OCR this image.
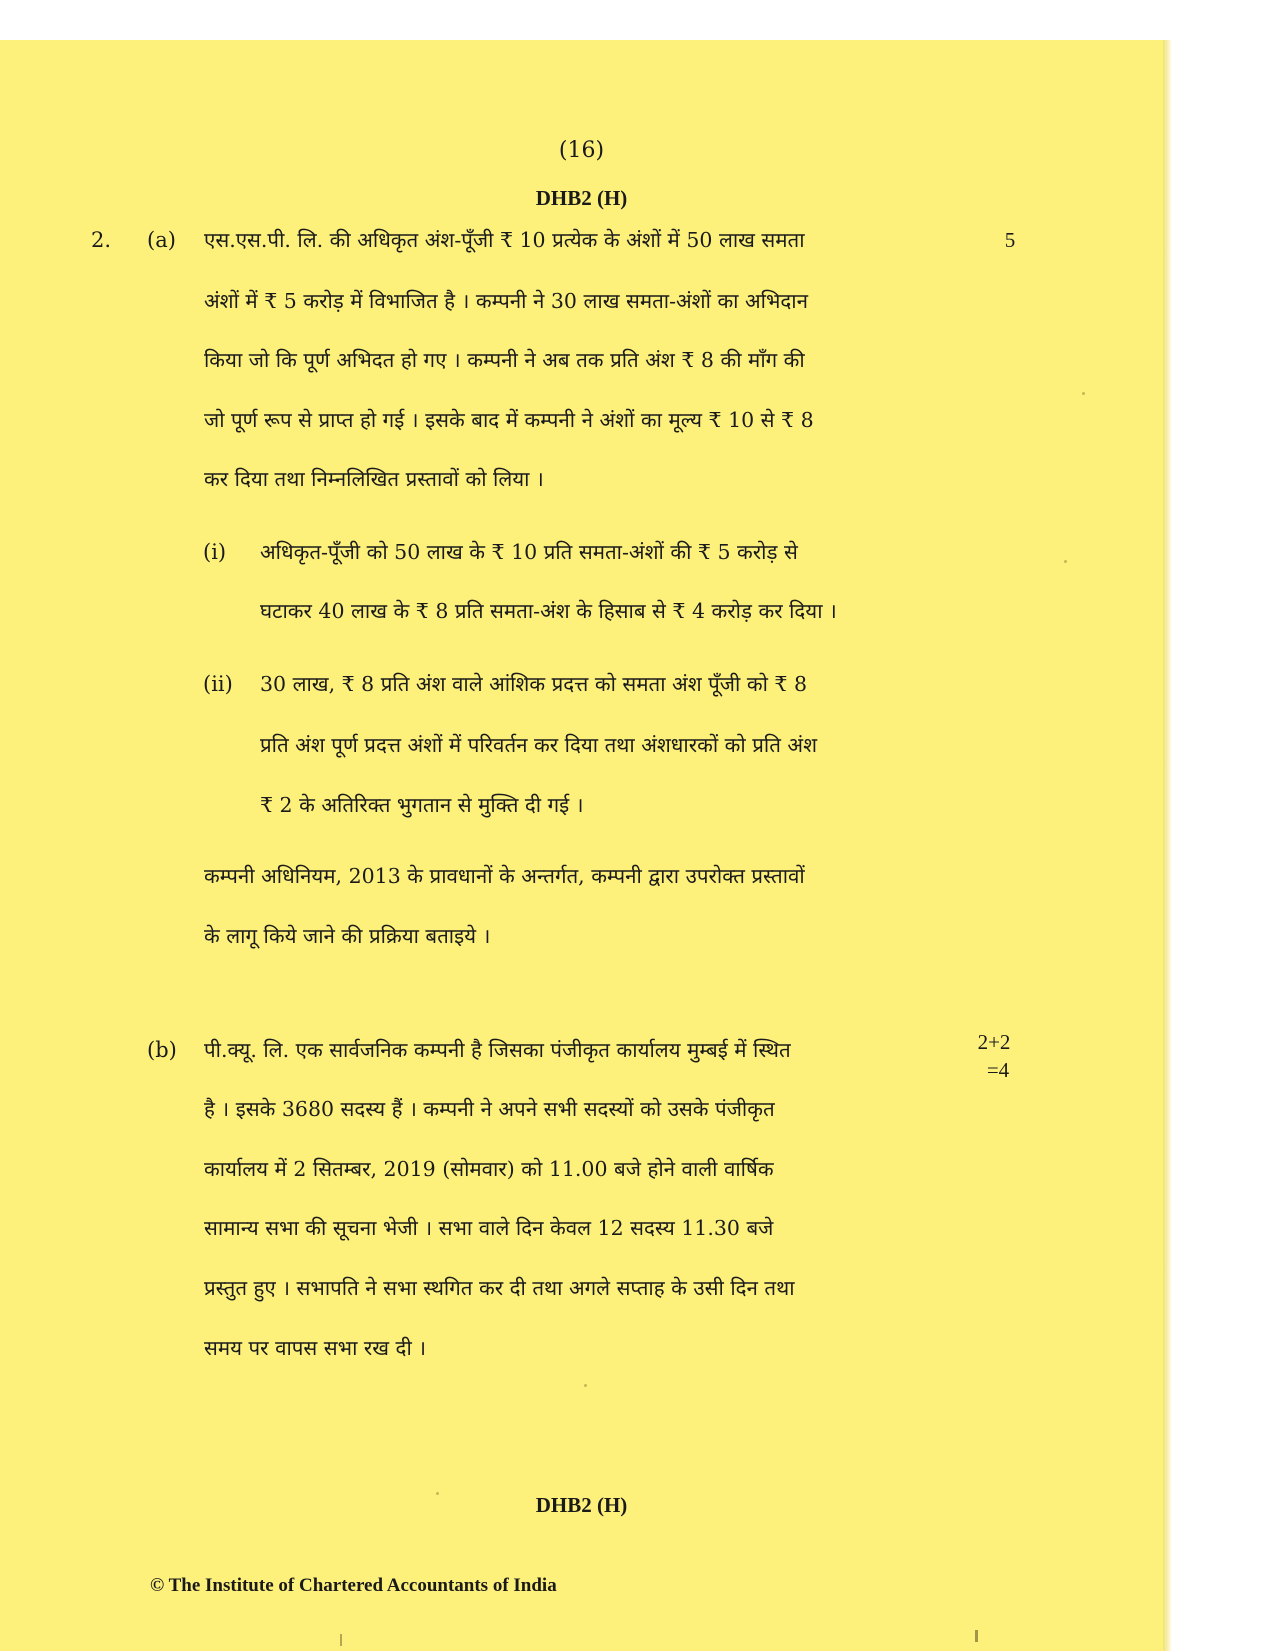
(16)
DHB2 (H)
2. (a)	5
एस.एस.पी. लि. की अधिकृत अंश-पूँजी ₹ 10 प्रत्येक के अंशों में 50 लाख समता
अंशों में ₹ 5 करोड़ में विभाजित है । कम्पनी ने 30 लाख समता-अंशों का अभिदान
किया जो कि पूर्ण अभिदत हो गए । कम्पनी ने अब तक प्रति अंश ₹ 8 की माँग की
जो पूर्ण रूप से प्राप्त हो गई । इसके बाद में कम्पनी ने अंशों का मूल्य ₹ 10 से ₹ 8
कर दिया तथा निम्नलिखित प्रस्तावों को लिया ।
(i) अधिकृत-पूँजी को 50 लाख के ₹ 10 प्रति समता-अंशों की ₹ 5 करोड़ से
घटाकर 40 लाख के ₹ 8 प्रति समता-अंश के हिसाब से ₹ 4 करोड़ कर दिया ।
(ii) 30 लाख, ₹ 8 प्रति अंश वाले आंशिक प्रदत्त को समता अंश पूँजी को ₹ 8
प्रति अंश पूर्ण प्रदत्त अंशों में परिवर्तन कर दिया तथा अंशधारकों को प्रति अंश
₹ 2 के अतिरिक्त भुगतान से मुक्ति दी गई ।
कम्पनी अधिनियम, 2013 के प्रावधानों के अन्तर्गत, कम्पनी द्वारा उपरोक्त प्रस्तावों
के लागू किये जाने की प्रक्रिया बताइये ।
(b)	2+2
=4
पी.क्यू. लि. एक सार्वजनिक कम्पनी है जिसका पंजीकृत कार्यालय मुम्बई में स्थित
है । इसके 3680 सदस्य हैं । कम्पनी ने अपने सभी सदस्यों को उसके पंजीकृत
कार्यालय में 2 सितम्बर, 2019 (सोमवार) को 11.00 बजे होने वाली वार्षिक
सामान्य सभा की सूचना भेजी । सभा वाले दिन केवल 12 सदस्य 11.30 बजे
प्रस्तुत हुए । सभापति ने सभा स्थगित कर दी तथा अगले सप्ताह के उसी दिन तथा
समय पर वापस सभा रख दी ।
DHB2 (H)
© The Institute of Chartered Accountants of India
